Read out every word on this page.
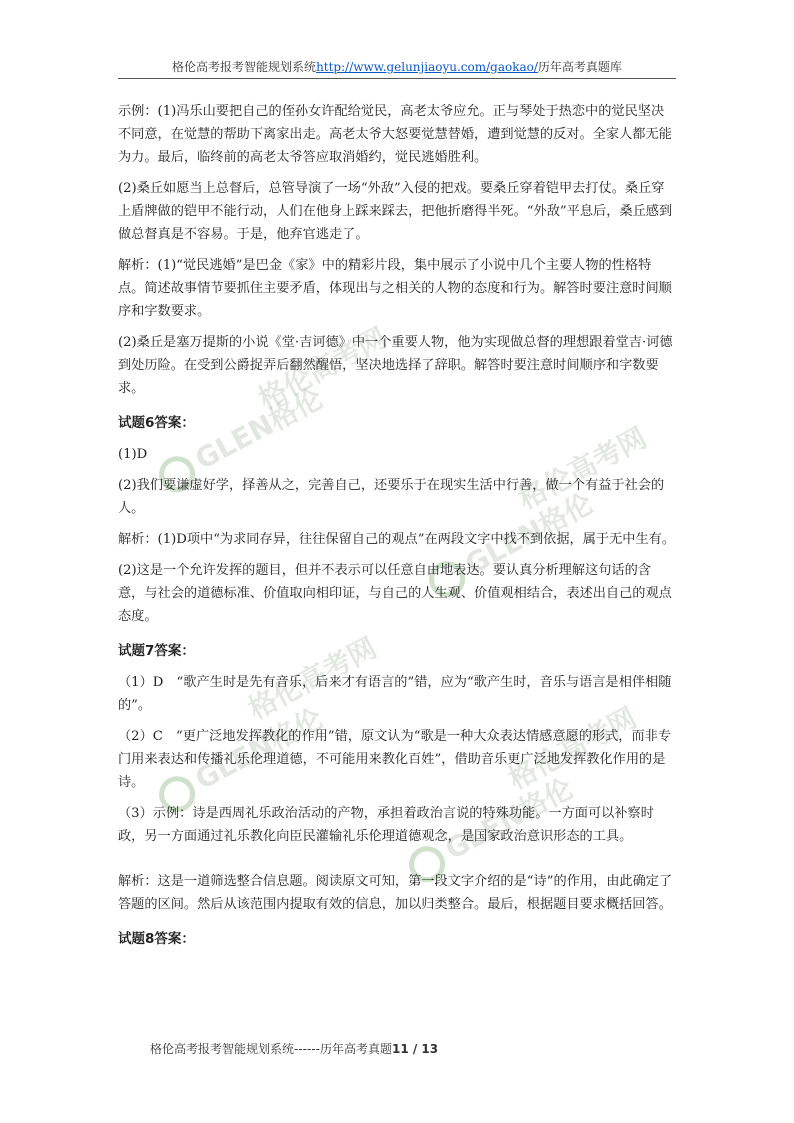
格伦高考报考智能规划系统http://www.gelunjiaoyu.com/gaokao/历年高考真题库
GLEN格伦
格伦高考网
GLEN格伦
格伦高考网
GLEN格伦
格伦高考网
GLEN格伦
格伦高考网

示例：(1)冯乐山要把自己的侄孙女许配给觉民，高老太爷应允。正与琴处于热恋中的觉民坚决不同意，在觉慧的帮助下离家出走。高老太爷大怒要觉慧替婚，遭到觉慧的反对。全家人都无能为力。最后，临终前的高老太爷答应取消婚约，觉民逃婚胜利。

(2)桑丘如愿当上总督后，总管导演了一场“外敌”入侵的把戏。要桑丘穿着铠甲去打仗。桑丘穿上盾牌做的铠甲不能行动，人们在他身上踩来踩去，把他折磨得半死。“外敌”平息后，桑丘感到做总督真是不容易。于是，他弃官逃走了。

解析：(1)“觉民逃婚”是巴金《家》中的精彩片段，集中展示了小说中几个主要人物的性格特点。简述故事情节要抓住主要矛盾，体现出与之相关的人物的态度和行为。解答时要注意时间顺序和字数要求。

(2)桑丘是塞万提斯的小说《堂·吉诃德》中一个重要人物，他为实现做总督的理想跟着堂吉·诃德到处历险。在受到公爵捉弄后翻然醒悟，坚决地选择了辞职。解答时要注意时间顺序和字数要求。

试题6答案：

(1)D

(2)我们要谦虚好学，择善从之，完善自己，还要乐于在现实生活中行善，做一个有益于社会的人。

解析：(1)D项中“为求同存异，往往保留自己的观点”在两段文字中找不到依据，属于无中生有。

(2)这是一个允许发挥的题目，但并不表示可以任意自由地表达。要认真分析理解这句话的含意，与社会的道德标准、价值取向相印证，与自己的人生观、价值观相结合，表述出自己的观点态度。

试题7答案：

（1）D　“歌产生时是先有音乐，后来才有语言的”错，应为“歌产生时，音乐与语言是相伴相随的”。

（2）C　“更广泛地发挥教化的作用”错，原文认为“歌是一种大众表达情感意愿的形式，而非专门用来表达和传播礼乐伦理道德，不可能用来教化百姓”，借助音乐更广泛地发挥教化作用的是诗。

（3）示例：诗是西周礼乐政治活动的产物，承担着政治言说的特殊功能。一方面可以补察时政，另一方面通过礼乐教化向臣民灌输礼乐伦理道德观念，是国家政治意识形态的工具。

解析：这是一道筛选整合信息题。阅读原文可知，第一段文字介绍的是“诗”的作用，由此确定了答题的区间。然后从该范围内提取有效的信息，加以归类整合。最后，根据题目要求概括回答。

试题8答案：
格伦高考报考智能规划系统------历年高考真题11 / 13
